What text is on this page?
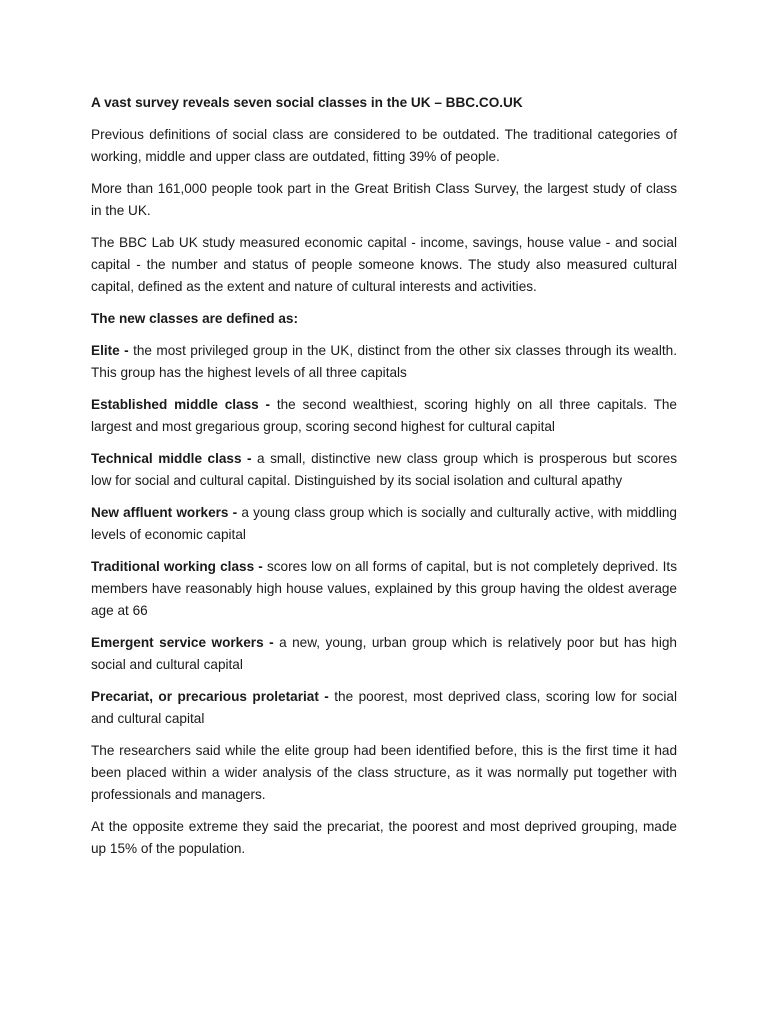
A vast survey reveals seven social classes in the UK – BBC.CO.UK

Previous definitions of social class are considered to be outdated. The traditional categories of working, middle and upper class are outdated, fitting 39% of people.

More than 161,000 people took part in the Great British Class Survey, the largest study of class in the UK.

The BBC Lab UK study measured economic capital - income, savings, house value - and social capital - the number and status of people someone knows. The study also measured cultural capital, defined as the extent and nature of cultural interests and activities.

The new classes are defined as:

Elite - the most privileged group in the UK, distinct from the other six classes through its wealth. This group has the highest levels of all three capitals

Established middle class - the second wealthiest, scoring highly on all three capitals. The largest and most gregarious group, scoring second highest for cultural capital

Technical middle class - a small, distinctive new class group which is prosperous but scores low for social and cultural capital. Distinguished by its social isolation and cultural apathy

New affluent workers - a young class group which is socially and culturally active, with middling levels of economic capital

Traditional working class - scores low on all forms of capital, but is not completely deprived. Its members have reasonably high house values, explained by this group having the oldest average age at 66

Emergent service workers - a new, young, urban group which is relatively poor but has high social and cultural capital

Precariat, or precarious proletariat - the poorest, most deprived class, scoring low for social and cultural capital

The researchers said while the elite group had been identified before, this is the first time it had been placed within a wider analysis of the class structure, as it was normally put together with professionals and managers.

At the opposite extreme they said the precariat, the poorest and most deprived grouping, made up 15% of the population.
